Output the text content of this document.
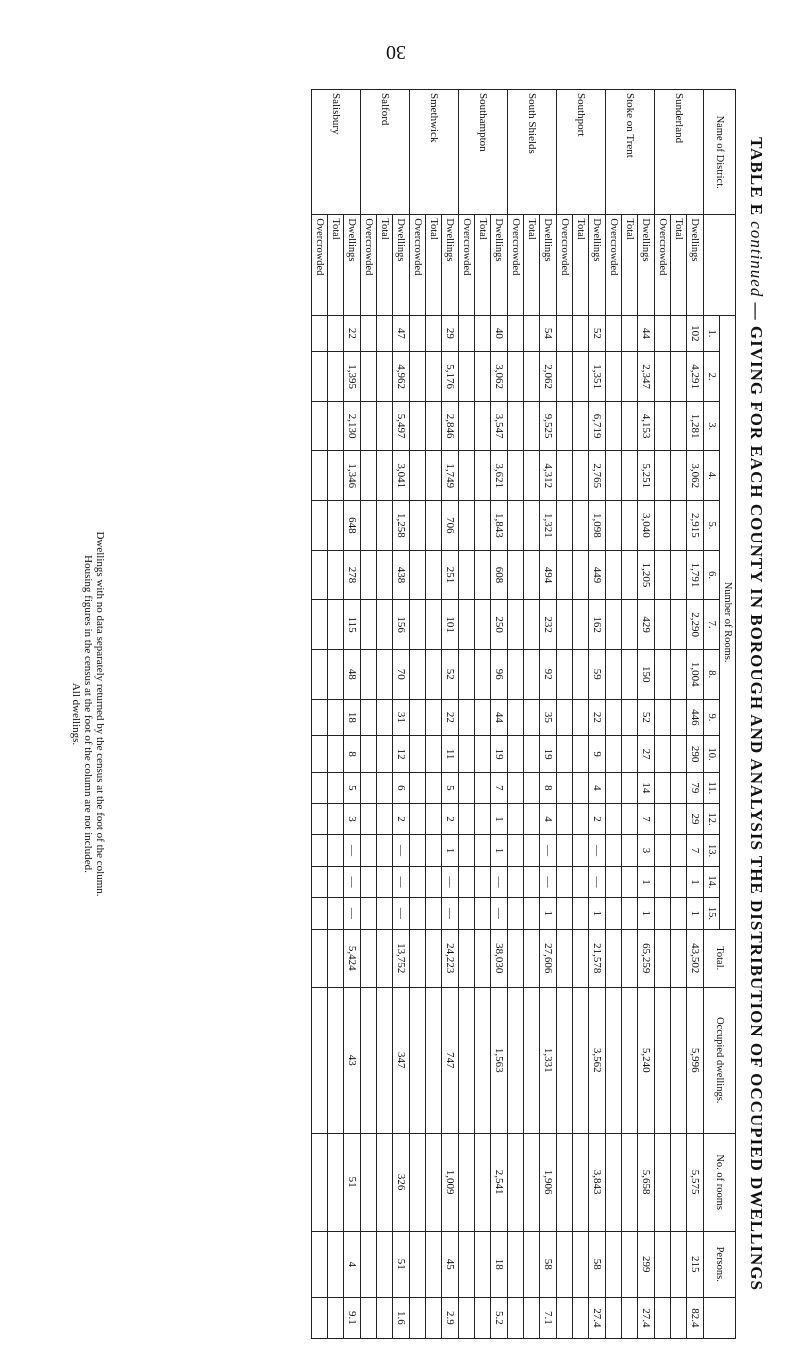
30
TABLE E continued — GIVING FOR EACH COUNTY IN BOROUGH AND ANALYSIS THE DISTRIBUTION OF OCCUPIED DWELLINGS
Name of District.		Number of Rooms.															Total.	Occupied dwellings.	No. of rooms	Persons.	
		1.	2.	3.	4.	5.	6.	7.	8.	9.	10.	11.	12.	13.	14.	15.					
Sunderland	Dwellings	102	4,291	1,281	3,062	2,915	1,791	2,290	1,004	446	290	79	29	7	1	1	43,502	5,996	5,575	215	82.4
	Total																				
	Overcrowded																				
Stoke on Trent	Dwellings	44	2,347	4,153	5,251	3,040	1,205	429	150	52	27	14	7	3	1	1	65,259	5,240	5,658	299	27.4
	Total																				
	Overcrowded																				
Southport	Dwellings	52	1,351	6,719	2,765	1,098	449	162	59	22	9	4	2	—	—	1	21,578	3,562	3,843	58	27.4
	Total																				
	Overcrowded																				
South Shields	Dwellings	54	2,062	9,525	4,312	1,321	494	232	92	35	19	8	4	—	—	1	27,606	1,331	1,906	58	7.1
	Total																				
	Overcrowded																				
Southampton	Dwellings	40	3,062	3,547	3,621	1,843	608	250	96	44	19	7	1	1	—	—	38,030	1,563	2,541	18	5.2
	Total																				
	Overcrowded																				
Smethwick	Dwellings	29	5,176	2,846	1,749	706	251	101	52	22	11	5	2	1	—	—	24,223	747	1,009	45	2.9
	Total																				
	Overcrowded																				
Salford	Dwellings	47	4,962	5,497	3,041	1,258	438	156	70	31	12	6	2	—	—	—	13,752	347	326	51	1.6
	Total																				
	Overcrowded																				
Salisbury	Dwellings	22	1,395	2,130	1,346	648	278	115	48	18	8	5	3	—	—	—	5,424	43	51	4	9.1
	Total																				
	Overcrowded																				
Dwellings with no data separately returned by the census at the foot of the column.
Housing figures in the census at the foot of the column are not included.
All dwellings.
